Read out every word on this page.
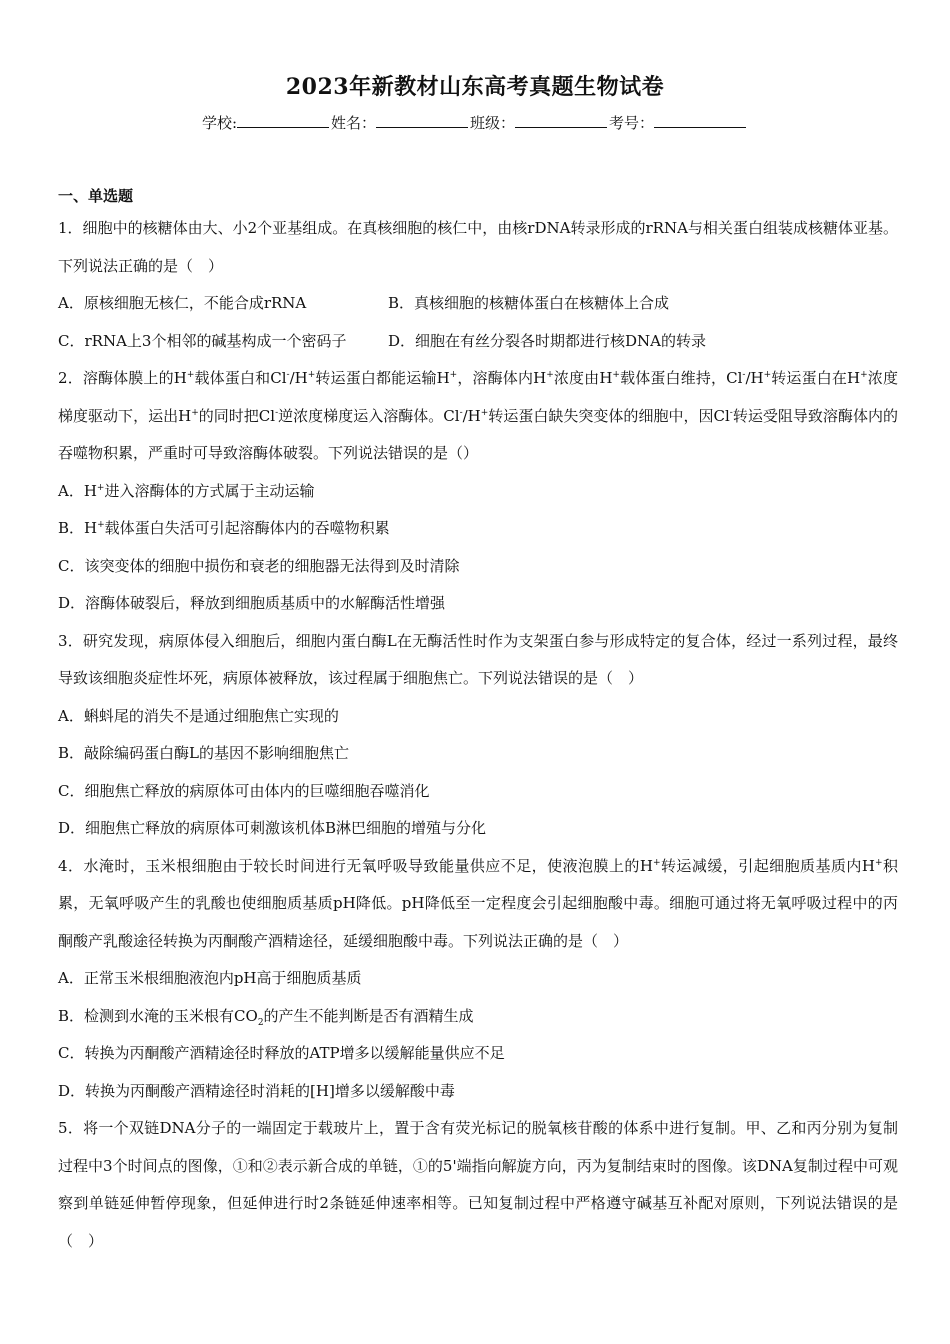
2023年新教材山东高考真题生物试卷
学校:	姓名：	班级：	考号：
一、单选题

1．细胞中的核糖体由大、小2个亚基组成。在真核细胞的核仁中，由核rDNA转录形成的rRNA与相关蛋白组装成核糖体亚基。下列说法正确的是（　）

A．原核细胞无核仁，不能合成rRNA	B．真核细胞的核糖体蛋白在核糖体上合成
C．rRNA上3个相邻的碱基构成一个密码子	D．细胞在有丝分裂各时期都进行核DNA的转录

2．溶酶体膜上的H+载体蛋白和Cl-/H+转运蛋白都能运输H+，溶酶体内H+浓度由H+载体蛋白维持，Cl-/H+转运蛋白在H+浓度梯度驱动下，运出H+的同时把Cl-逆浓度梯度运入溶酶体。Cl-/H+转运蛋白缺失突变体的细胞中，因Cl-转运受阻导致溶酶体内的吞噬物积累，严重时可导致溶酶体破裂。下列说法错误的是（）

A．H+进入溶酶体的方式属于主动运输

B．H+载体蛋白失活可引起溶酶体内的吞噬物积累

C．该突变体的细胞中损伤和衰老的细胞器无法得到及时清除

D．溶酶体破裂后，释放到细胞质基质中的水解酶活性增强

3．研究发现，病原体侵入细胞后，细胞内蛋白酶L在无酶活性时作为支架蛋白参与形成特定的复合体，经过一系列过程，最终导致该细胞炎症性坏死，病原体被释放，该过程属于细胞焦亡。下列说法错误的是（　）

A．蝌蚪尾的消失不是通过细胞焦亡实现的

B．敲除编码蛋白酶L的基因不影响细胞焦亡

C．细胞焦亡释放的病原体可由体内的巨噬细胞吞噬消化

D．细胞焦亡释放的病原体可刺激该机体B淋巴细胞的增殖与分化

4．水淹时，玉米根细胞由于较长时间进行无氧呼吸导致能量供应不足，使液泡膜上的H+转运减缓，引起细胞质基质内H+积累，无氧呼吸产生的乳酸也使细胞质基质pH降低。pH降低至一定程度会引起细胞酸中毒。细胞可通过将无氧呼吸过程中的丙酮酸产乳酸途径转换为丙酮酸产酒精途径，延缓细胞酸中毒。下列说法正确的是（　）

A．正常玉米根细胞液泡内pH高于细胞质基质

B．检测到水淹的玉米根有$CO_2$的产生不能判断是否有酒精生成

C．转换为丙酮酸产酒精途径时释放的ATP增多以缓解能量供应不足

D．转换为丙酮酸产酒精途径时消耗的[H]增多以缓解酸中毒

5．将一个双链DNA分子的一端固定于载玻片上，置于含有荧光标记的脱氧核苷酸的体系中进行复制。甲、乙和丙分别为复制过程中3个时间点的图像，①和②表示新合成的单链，①的5'端指向解旋方向，丙为复制结束时的图像。该DNA复制过程中可观察到单链延伸暂停现象，但延伸进行时2条链延伸速率相等。已知复制过程中严格遵守碱基互补配对原则，下列说法错误的是（　）
